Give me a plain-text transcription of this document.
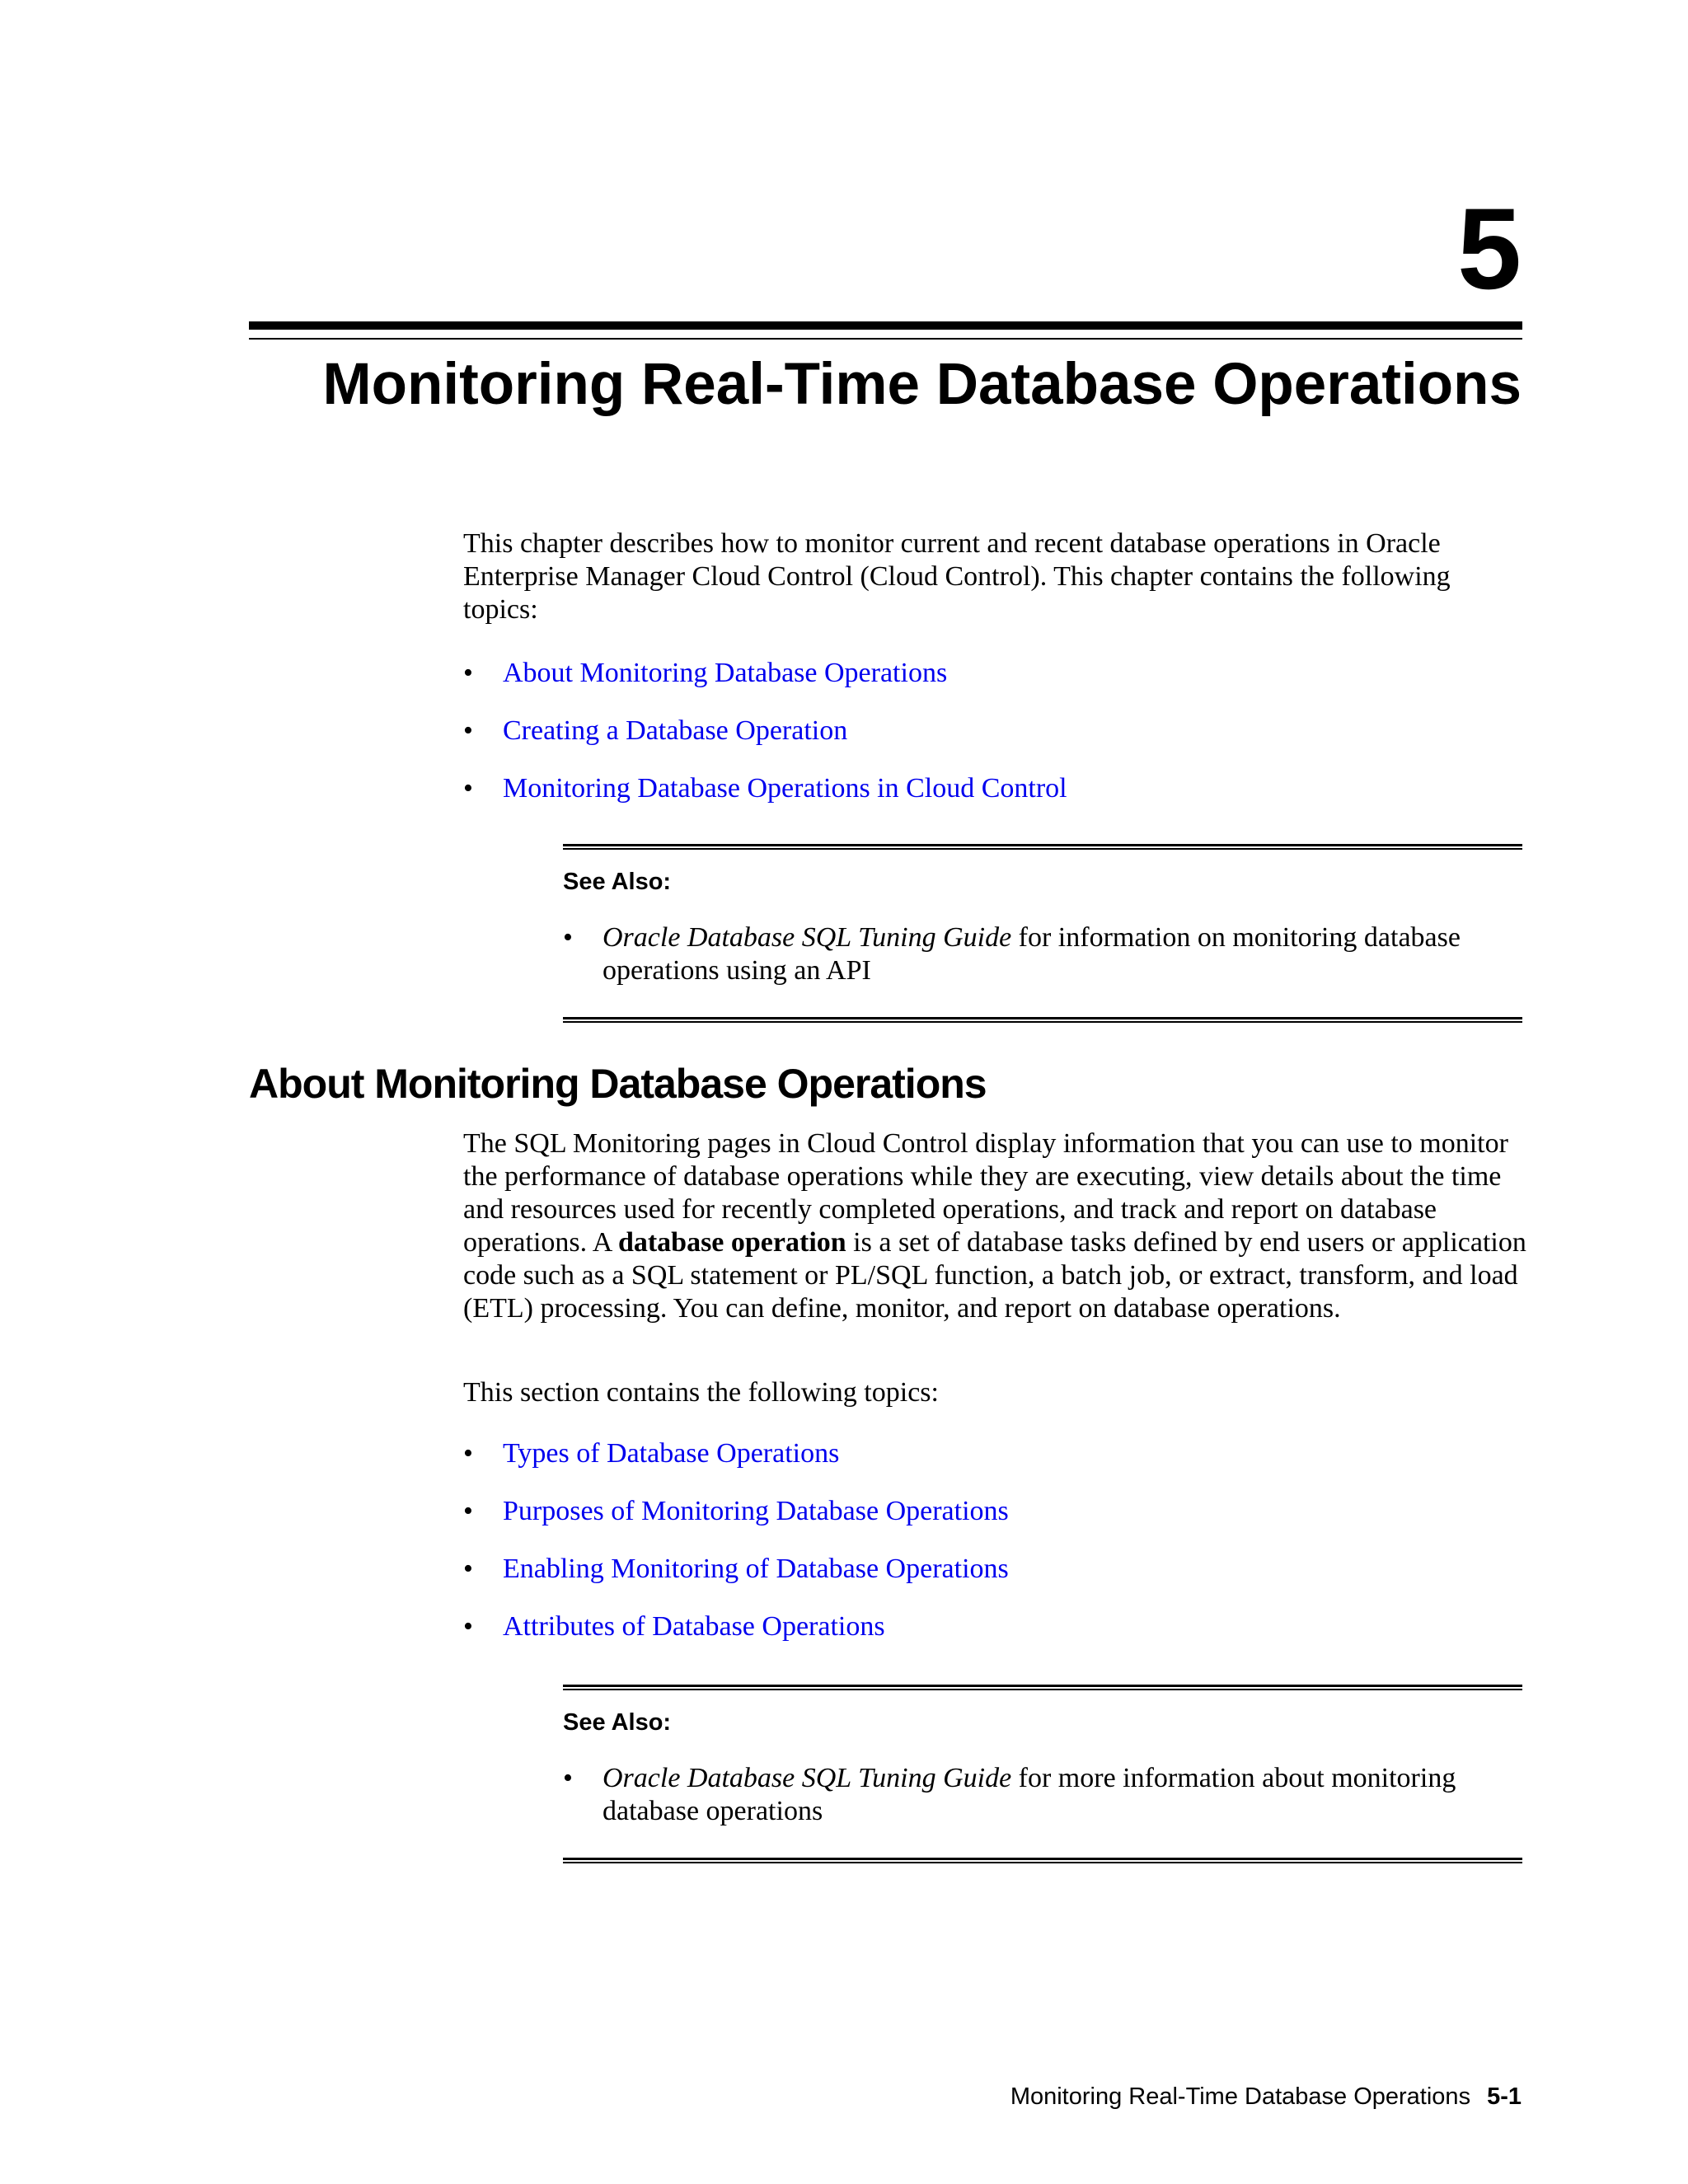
5
Monitoring Real-Time Database Operations

This chapter describes how to monitor current and recent database operations in Oracle Enterprise Manager Cloud Control (Cloud Control). This chapter contains the following topics:

• About Monitoring Database Operations
• Creating a Database Operation
• Monitoring Database Operations in Cloud Control

See Also:

• Oracle Database SQL Tuning Guide for information on monitoring database operations using an API
About Monitoring Database Operations

The SQL Monitoring pages in Cloud Control display information that you can use to monitor the performance of database operations while they are executing, view details about the time and resources used for recently completed operations, and track and report on database operations. A database operation is a set of database tasks defined by end users or application code such as a SQL statement or PL/SQL function, a batch job, or extract, transform, and load (ETL) processing. You can define, monitor, and report on database operations.

This section contains the following topics:

• Types of Database Operations
• Purposes of Monitoring Database Operations
• Enabling Monitoring of Database Operations
• Attributes of Database Operations

See Also:

• Oracle Database SQL Tuning Guide for more information about monitoring database operations
Monitoring Real-Time Database Operations 5-1
